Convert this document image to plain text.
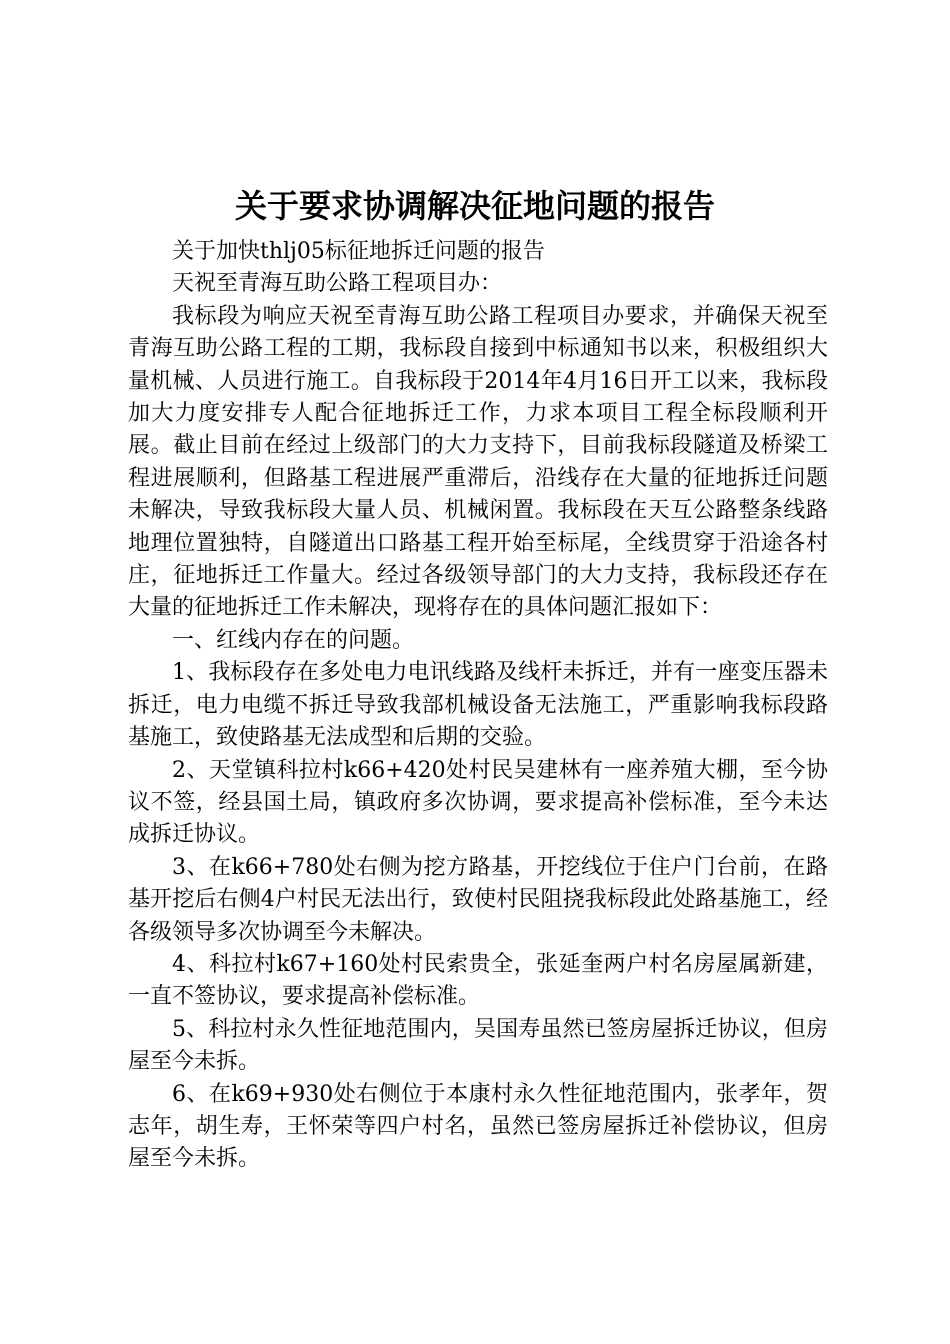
关于要求协调解决征地问题的报告

关于加快thlj05标征地拆迁问题的报告

天祝至青海互助公路工程项目办：

我标段为响应天祝至青海互助公路工程项目办要求，并确保天祝至青海互助公路工程的工期，我标段自接到中标通知书以来，积极组织大量机械、人员进行施工。自我标段于2014年4月16日开工以来，我标段加大力度安排专人配合征地拆迁工作，力求本项目工程全标段顺利开展。截止目前在经过上级部门的大力支持下，目前我标段隧道及桥梁工程进展顺利，但路基工程进展严重滞后，沿线存在大量的征地拆迁问题未解决，导致我标段大量人员、机械闲置。我标段在天互公路整条线路地理位置独特，自隧道出口路基工程开始至标尾，全线贯穿于沿途各村庄，征地拆迁工作量大。经过各级领导部门的大力支持，我标段还存在大量的征地拆迁工作未解决，现将存在的具体问题汇报如下：

一、红线内存在的问题。

1、我标段存在多处电力电讯线路及线杆未拆迁，并有一座变压器未拆迁，电力电缆不拆迁导致我部机械设备无法施工，严重影响我标段路基施工，致使路基无法成型和后期的交验。

2、天堂镇科拉村k66+420处村民吴建林有一座养殖大棚，至今协议不签，经县国土局，镇政府多次协调，要求提高补偿标准，至今未达成拆迁协议。

3、在k66+780处右侧为挖方路基，开挖线位于住户门台前，在路基开挖后右侧4户村民无法出行，致使村民阻挠我标段此处路基施工，经各级领导多次协调至今未解决。

4、科拉村k67+160处村民索贵全，张延奎两户村名房屋属新建，一直不签协议，要求提高补偿标准。

5、科拉村永久性征地范围内，吴国寿虽然已签房屋拆迁协议，但房屋至今未拆。

6、在k69+930处右侧位于本康村永久性征地范围内，张孝年，贺志年，胡生寿，王怀荣等四户村名，虽然已签房屋拆迁补偿协议，但房屋至今未拆。
